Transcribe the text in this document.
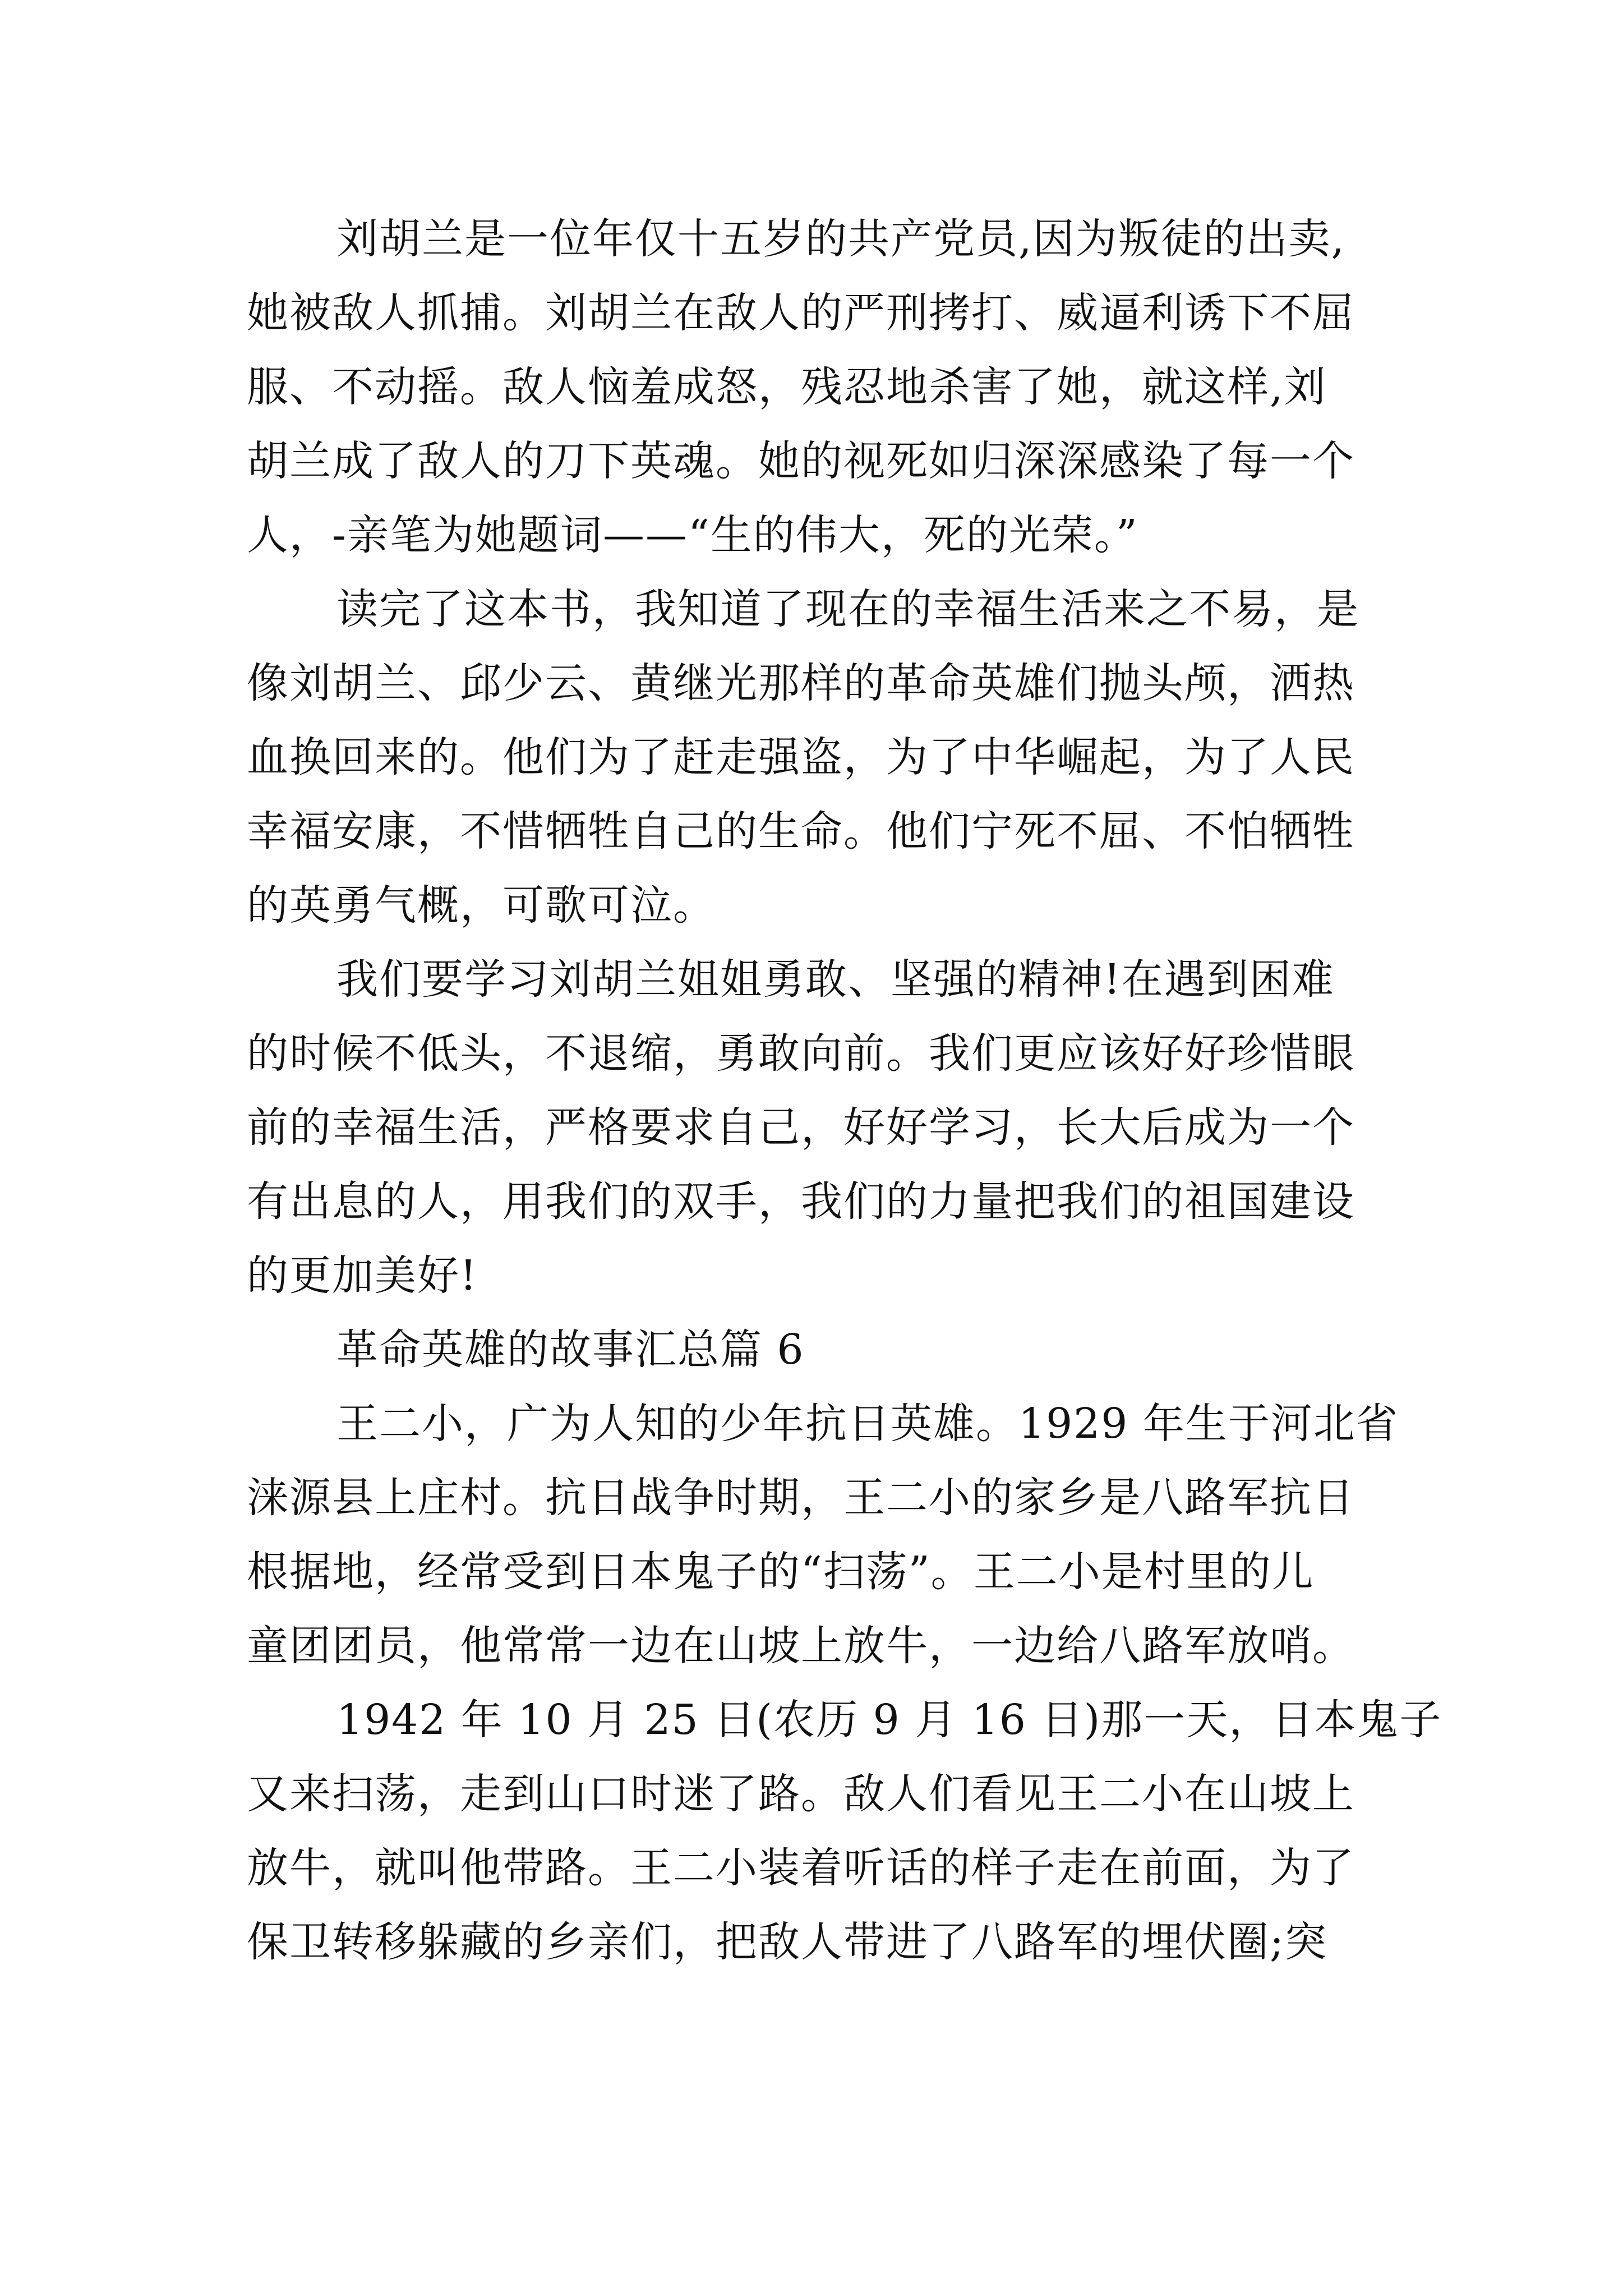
刘胡兰是一位年仅十五岁的共产党员,因为叛徒的出卖,
她被敌人抓捕。刘胡兰在敌人的严刑拷打、威逼利诱下不屈
服、不动摇。敌人恼羞成怒，残忍地杀害了她，就这样,刘
胡兰成了敌人的刀下英魂。她的视死如归深深感染了每一个
人，-亲笔为她题词——“生的伟大，死的光荣。”
读完了这本书，我知道了现在的幸福生活来之不易，是
像刘胡兰、邱少云、黄继光那样的革命英雄们抛头颅，洒热
血换回来的。他们为了赶走强盗，为了中华崛起，为了人民
幸福安康，不惜牺牲自己的生命。他们宁死不屈、不怕牺牲
的英勇气概，可歌可泣。
我们要学习刘胡兰姐姐勇敢、坚强的精神!在遇到困难
的时候不低头，不退缩，勇敢向前。我们更应该好好珍惜眼
前的幸福生活，严格要求自己，好好学习，长大后成为一个
有出息的人，用我们的双手，我们的力量把我们的祖国建设
的更加美好!
革命英雄的故事汇总篇 6
王二小，广为人知的少年抗日英雄。1929 年生于河北省
涞源县上庄村。抗日战争时期，王二小的家乡是八路军抗日
根据地，经常受到日本鬼子的“扫荡”。王二小是村里的儿
童团团员，他常常一边在山坡上放牛，一边给八路军放哨。
1942 年 10 月 25 日(农历 9 月 16 日)那一天，日本鬼子
又来扫荡，走到山口时迷了路。敌人们看见王二小在山坡上
放牛，就叫他带路。王二小装着听话的样子走在前面，为了
保卫转移躲藏的乡亲们，把敌人带进了八路军的埋伏圈;突
